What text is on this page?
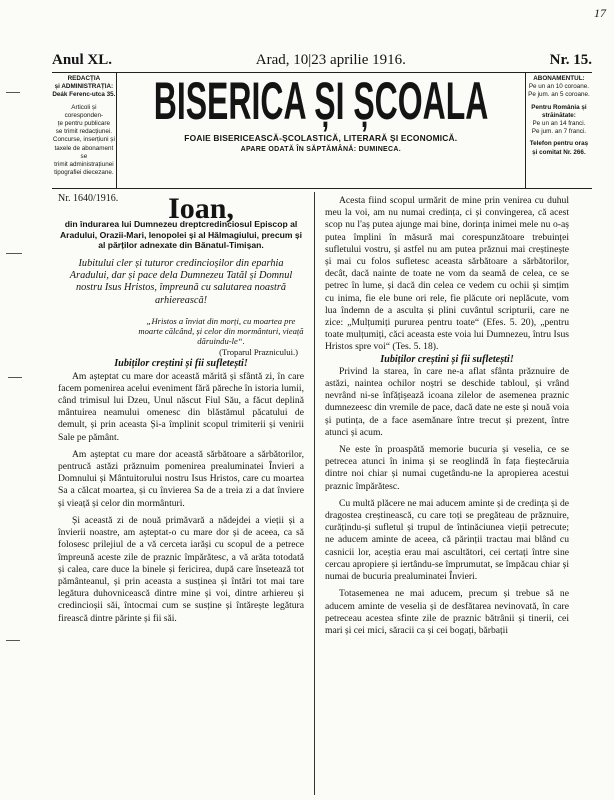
17
Anul XL.	Arad, 10|23 aprilie 1916.	Nr. 15.
REDACȚIA
și ADMINISTRAȚIA:
Deák Ferenc-utca 35.
Articoli și coresponden-
țe pentru publicare
se trimit redacțiunei.
Concurse, inserțiuni și
taxele de abonament se
trimit administrațiunei
tipografiei diecezane.
BISERICA ȘI ȘCOALA
FOAIE BISERICEASCĂ-ȘCOLASTICĂ, LITERARĂ ȘI ECONOMICĂ.
APARE ODATĂ ÎN SĂPTĂMÂNĂ: DUMINECA.
ABONAMENTUL:
Pe un an 10 coroane.
Pe jum. an 5 coroane.
Pentru România și
străinătate:
Pe un an 14 franci.
Pe jum. an 7 franci.
Telefon pentru oraș
și comitat Nr. 266.
Nr. 1640/1916.	Ioan,
din îndurarea lui Dumnezeu dreptcredinciosul Episcop al Aradului, Orazii-Mari, Ienopolei și al Hălmagiului, precum și al părților adnexate din Bănatul-Timișan.
Iubitului cler și tuturor credincioșilor din eparhia Aradului, dar și pace dela Dumnezeu Tatăl și Domnul nostru Isus Hristos, împreună cu salutarea noastră arhierească!
„Hristos a înviat din morți, cu moartea pre moarte călcând, și celor din mormânturi, vieață dăruindu-le“.
(Troparul Praznicului.)

Iubiților creștini și fii sufletești!

Am așteptat cu mare dor această mărită și sfântă zi, în care facem pomenirea acelui eveniment fără păreche în istoria lumii, când trimisul lui Dzeu, Unul născut Fiul Său, a făcut deplină mântuirea neamului omenesc din blăstămul păcatului de demult, și prin aceasta Și-a împlinit scopul trimiterii și venirii Sale pe pământ.

Am așteptat cu mare dor această sărbătoare a sărbătorilor, pentrucă astăzi prăznuim pomenirea prealuminatei Învieri a Domnului și Mântuitorului nostru Isus Hristos, care cu moartea Sa a călcat moartea, și cu învierea Sa de a treia zi a dat înviere și vieață și celor din mormânturi.

Și această zi de nouă primăvară a nădejdei a vieții și a învierii noastre, am așteptat-o cu mare dor și de aceea, ca să folosesc prilejiul de a vă cerceta iarăși cu scopul de a petrece împreună aceste zile de praznic împărătesc, a vă arăta totodată și calea, care duce la binele și fericirea, după care însetează tot pământeanul, și prin aceasta a susținea și întări tot mai tare legătura duhovnicească dintre mine și voi, dintre arhiereu și credincioșii săi, întocmai cum se susține și întărește legătura firească dintre părinte și fii săi.

Acesta fiind scopul urmărit de mine prin venirea cu duhul meu la voi, am nu numai credința, ci și convingerea, că acest scop nu l'aș putea ajunge mai bine, dorința inimei mele nu o-aș putea împlini în măsură mai corespunzătoare trebuinței sufletului vostru, și astfel nu am putea prăznui mai creștinește și mai cu folos sufletesc aceasta sărbătoare a sărbătorilor, decât, dacă nainte de toate ne vom da seamă de celea, ce se petrec în lume, și dacă din celea ce vedem cu ochii și simțim cu inima, fie ele bune ori rele, fie plăcute ori neplăcute, vom lua îndemn de a asculta și plini cuvântul scripturii, care ne zice: „Mulțumiți pururea pentru toate“ (Efes. 5. 20), „pentru toate mulțumiți, căci aceasta este voia lui Dumnezeu, întru Isus Hristos spre voi“ (Tes. 5. 18).

Iubiților creștini și fii sufletești!

Privind la starea, în care ne-a aflat sfânta prăznuire de astăzi, naintea ochilor noștri se deschide tabloul, și vrând nevrând ni-se înfățișează icoana zilelor de asemenea praznic dumnezeesc din vremile de pace, dacă date ne este și nouă voia și putința, de a face asemănare între trecut și prezent, între atunci și acum.

Ne este în proaspătă memorie bucuria și veselia, ce se petrecea atunci în inima și se reoglindă în fața fieștecăruia dintre noi chiar și numai cugetându-ne la apropierea acestui praznic împărătesc.

Cu multă plăcere ne mai aducem aminte și de credința și de dragostea creștinească, cu care toți se pregăteau de prăznuire, curățindu-și sufletul și trupul de întinăciunea vieții petrecute; ne aducem aminte de aceea, că părinții tractau mai blând cu casnicii lor, aceștia erau mai ascultători, cei certați între sine cercau apropiere și iertându-se împrumutat, se împăcau chiar și numai de bucuria prealuminatei Învieri.

Totasemenea ne mai aducem, precum și trebue să ne aducem aminte de veselia și de desfătarea nevinovată, în care petreceau acestea sfinte zile de praznic bătrânii și tinerii, cei mari și cei mici, săracii ca și cei bogați, bărbații
